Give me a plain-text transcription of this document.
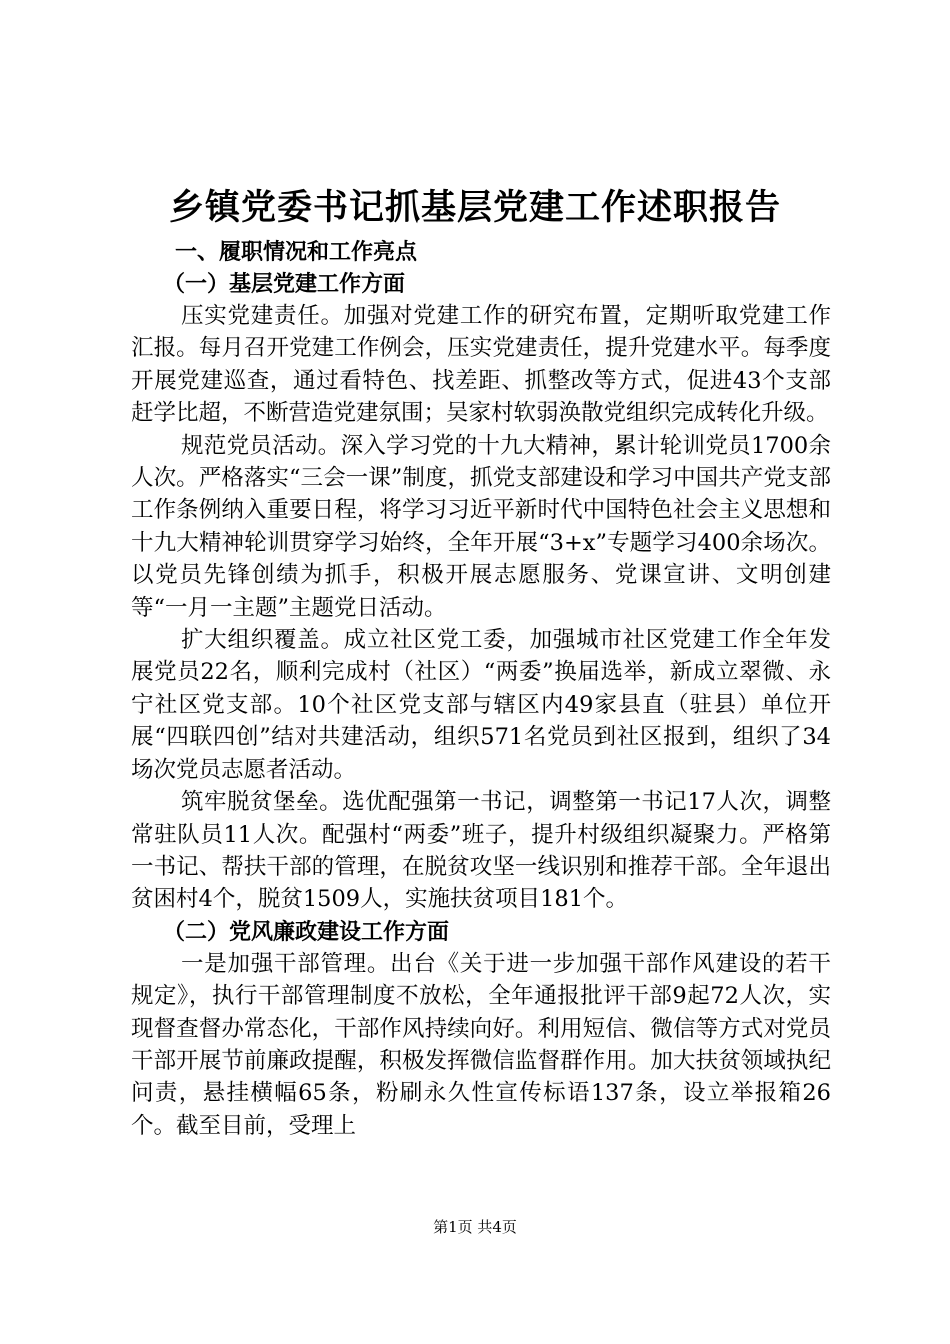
乡镇党委书记抓基层党建工作述职报告

一、履职情况和工作亮点

（一）基层党建工作方面

压实党建责任。加强对党建工作的研究布置，定期听取党建工作汇报。每月召开党建工作例会，压实党建责任，提升党建水平。每季度开展党建巡查，通过看特色、找差距、抓整改等方式，促进43个支部赶学比超，不断营造党建氛围；吴家村软弱涣散党组织完成转化升级。

规范党员活动。深入学习党的十九大精神，累计轮训党员1700余人次。严格落实“三会一课”制度，抓党支部建设和学习中国共产党支部工作条例纳入重要日程，将学习习近平新时代中国特色社会主义思想和十九大精神轮训贯穿学习始终，全年开展“3+x”专题学习400余场次。以党员先锋创绩为抓手，积极开展志愿服务、党课宣讲、文明创建等“一月一主题”主题党日活动。

扩大组织覆盖。成立社区党工委，加强城市社区党建工作全年发展党员22名，顺利完成村（社区）“两委”换届选举，新成立翠微、永宁社区党支部。10个社区党支部与辖区内49家县直（驻县）单位开展“四联四创”结对共建活动，组织571名党员到社区报到，组织了34场次党员志愿者活动。

筑牢脱贫堡垒。选优配强第一书记，调整第一书记17人次，调整常驻队员11人次。配强村“两委”班子，提升村级组织凝聚力。严格第一书记、帮扶干部的管理，在脱贫攻坚一线识别和推荐干部。全年退出贫困村4个，脱贫1509人，实施扶贫项目181个。

（二）党风廉政建设工作方面

一是加强干部管理。出台《关于进一步加强干部作风建设的若干规定》，执行干部管理制度不放松，全年通报批评干部9起72人次，实现督查督办常态化，干部作风持续向好。利用短信、微信等方式对党员干部开展节前廉政提醒，积极发挥微信监督群作用。加大扶贫领域执纪问责，悬挂横幅65条，粉刷永久性宣传标语137条，设立举报箱26个。截至目前，受理上

第1页 共4页
